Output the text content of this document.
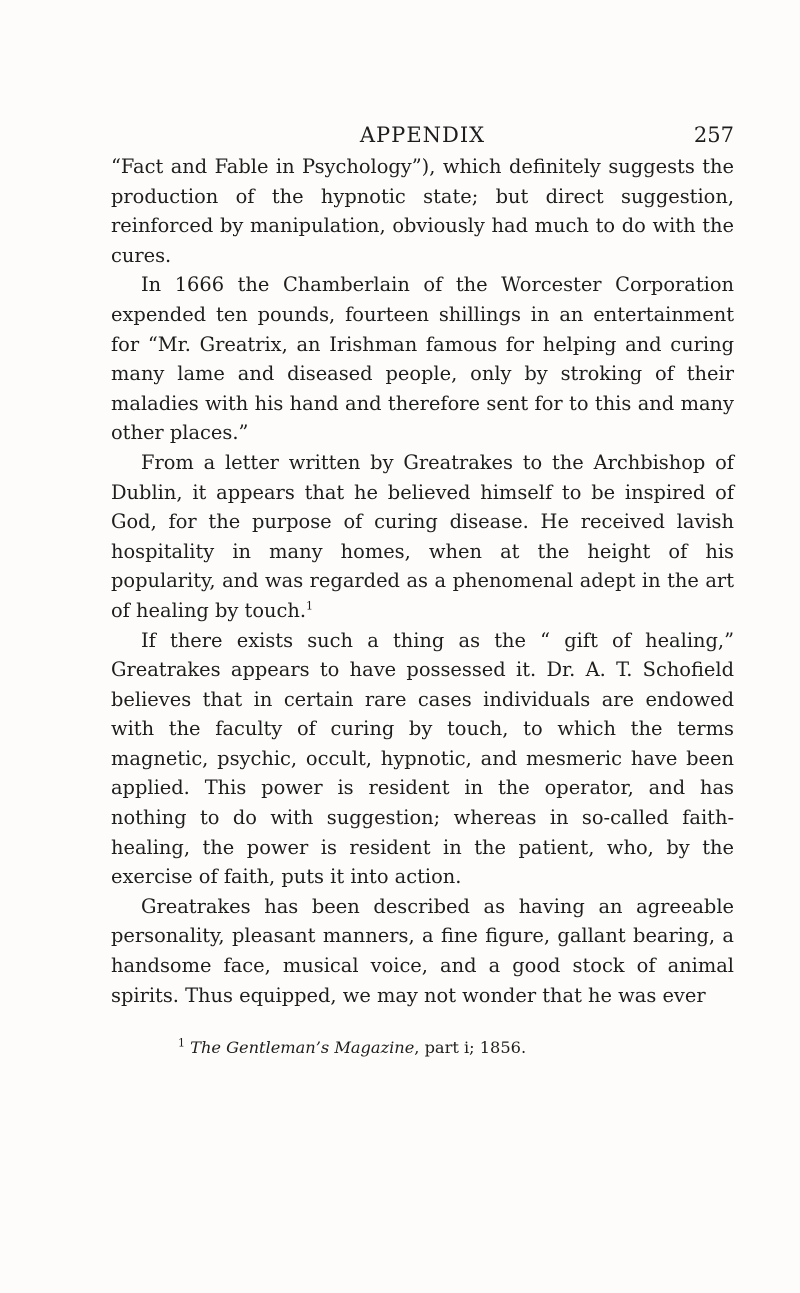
APPENDIX	257

“Fact and Fable in Psychology”), which definitely suggests the production of the hypnotic state; but direct suggestion, reinforced by manipulation, obviously had much to do with the cures.

In 1666 the Chamberlain of the Worcester Corporation expended ten pounds, fourteen shillings in an entertainment for “Mr. Greatrix, an Irishman famous for helping and curing many lame and diseased people, only by stroking of their maladies with his hand and therefore sent for to this and many other places.”

From a letter written by Greatrakes to the Archbishop of Dublin, it appears that he believed himself to be inspired of God, for the purpose of curing disease. He received lavish hospitality in many homes, when at the height of his popularity, and was regarded as a phenomenal adept in the art of healing by touch.$^1$

If there exists such a thing as the “ gift of healing,” Greatrakes appears to have possessed it. Dr. A. T. Schofield believes that in certain rare cases individuals are endowed with the faculty of curing by touch, to which the terms magnetic, psychic, occult, hypnotic, and mesmeric have been applied. This power is resident in the operator, and has nothing to do with suggestion; whereas in so-called faith-healing, the power is resident in the patient, who, by the exercise of faith, puts it into action.

Greatrakes has been described as having an agreeable personality, pleasant manners, a fine figure, gallant bearing, a handsome face, musical voice, and a good stock of animal spirits. Thus equipped, we may not wonder that he was ever

$^1$ The Gentleman’s Magazine, part i; 1856.
